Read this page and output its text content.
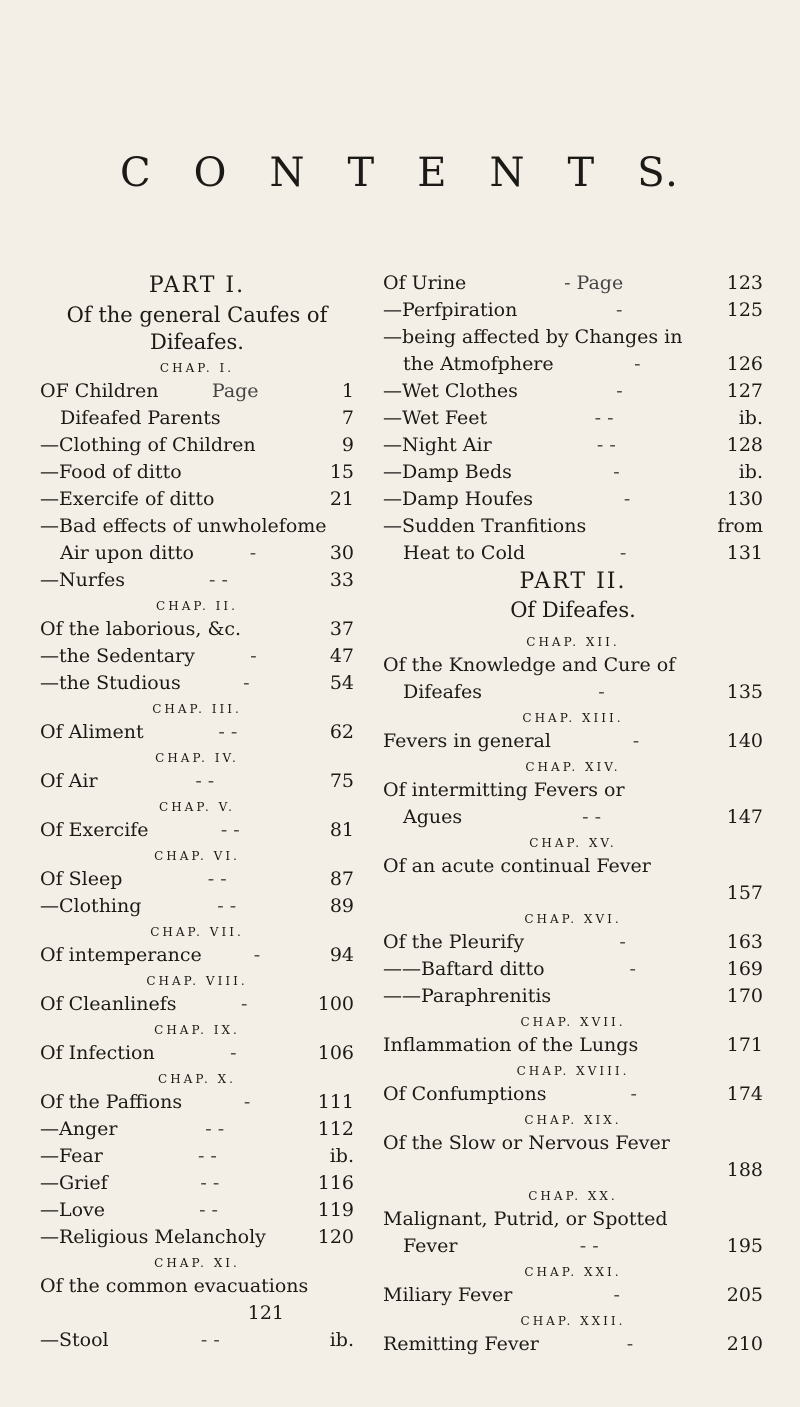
C O N T E N T S.
PART I.
Of the general Caufes of
Difeafes.
CHAP. I.
OF Children	Page	1
Difeafed Parents	7
—Clothing of Children	9
—Food of ditto	15
—Exercife of ditto	21
—Bad effects of unwholefome
Air upon ditto	-	30
—Nurfes	- -	33
CHAP. II.
Of the laborious, &c.	37
—the Sedentary	-	47
—the Studious	-	54
CHAP. III.
Of Aliment	- -	62
CHAP. IV.
Of Air	- -	75
CHAP. V.
Of Exercife	- -	81
CHAP. VI.
Of Sleep	- -	87
—Clothing	- -	89
CHAP. VII.
Of intemperance	-	94
CHAP. VIII.
Of Cleanlinefs	-	100
CHAP. IX.
Of Infection	-	106
CHAP. X.
Of the Paffions	-	111
—Anger	- -	112
—Fear	- -	ib.
—Grief	- -	116
—Love	- -	119
—Religious Melancholy	120
CHAP. XI.
Of the common evacuations
121
—Stool	- -	ib.
Of Urine	- Page	123
—Perfpiration	-	125
—being affected by Changes in
the Atmofphere	-	126
—Wet Clothes	-	127
—Wet Feet	- -	ib.
—Night Air	- -	128
—Damp Beds	-	ib.
—Damp Houfes	-	130
—Sudden Tranfitions	from
Heat to Cold	-	131
PART II.
Of Difeafes.
CHAP. XII.
Of the Knowledge and Cure of
Difeafes	-	135
CHAP. XIII.
Fevers in general	-	140
CHAP. XIV.
Of intermitting Fevers or
Agues	- -	147
CHAP. XV.
Of an acute continual Fever
157
CHAP. XVI.
Of the Pleurify	-	163
——Baftard ditto	-	169
——Paraphrenitis	170
CHAP. XVII.
Inflammation of the Lungs	171
CHAP. XVIII.
Of Confumptions	-	174
CHAP. XIX.
Of the Slow or Nervous Fever
188
CHAP. XX.
Malignant, Putrid, or Spotted
Fever	- -	195
CHAP. XXI.
Miliary Fever	-	205
CHAP. XXII.
Remitting Fever	-	210
